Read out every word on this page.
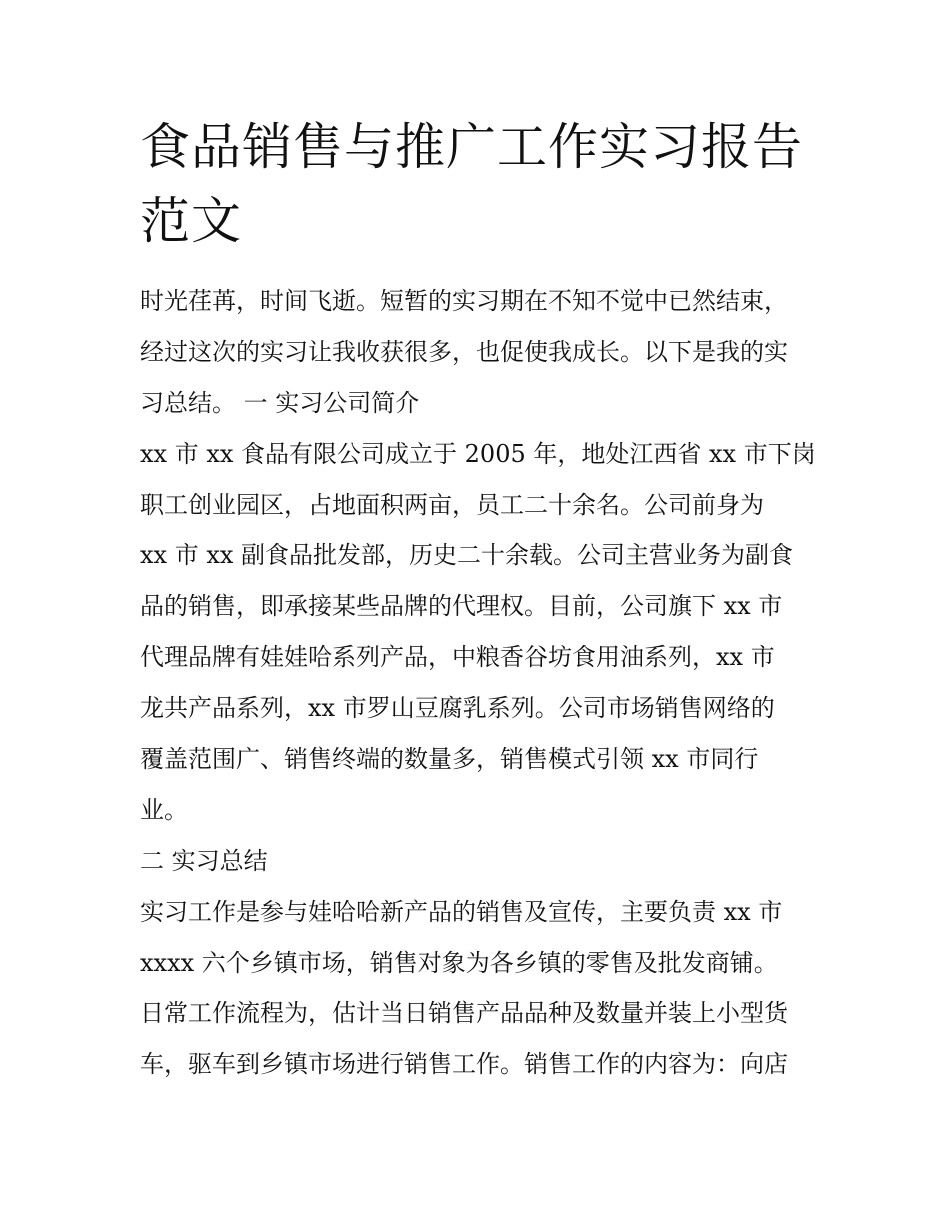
食品销售与推广工作实习报告
范文
时光荏苒，时间飞逝。短暂的实习期在不知不觉中已然结束，
经过这次的实习让我收获很多，也促使我成长。以下是我的实
习总结。 一 实习公司简介
xx 市 xx 食品有限公司成立于 2005 年，地处江西省 xx 市下岗
职工创业园区，占地面积两亩，员工二十余名。公司前身为
xx 市 xx 副食品批发部，历史二十余载。公司主营业务为副食
品的销售，即承接某些品牌的代理权。目前，公司旗下 xx 市
代理品牌有娃娃哈系列产品，中粮香谷坊食用油系列，xx 市
龙共产品系列，xx 市罗山豆腐乳系列。公司市场销售网络的
覆盖范围广、销售终端的数量多，销售模式引领 xx 市同行
业。
二 实习总结
实习工作是参与娃哈哈新产品的销售及宣传，主要负责 xx 市
xxxx 六个乡镇市场，销售对象为各乡镇的零售及批发商铺。
日常工作流程为，估计当日销售产品品种及数量并装上小型货
车，驱车到乡镇市场进行销售工作。销售工作的内容为：向店
